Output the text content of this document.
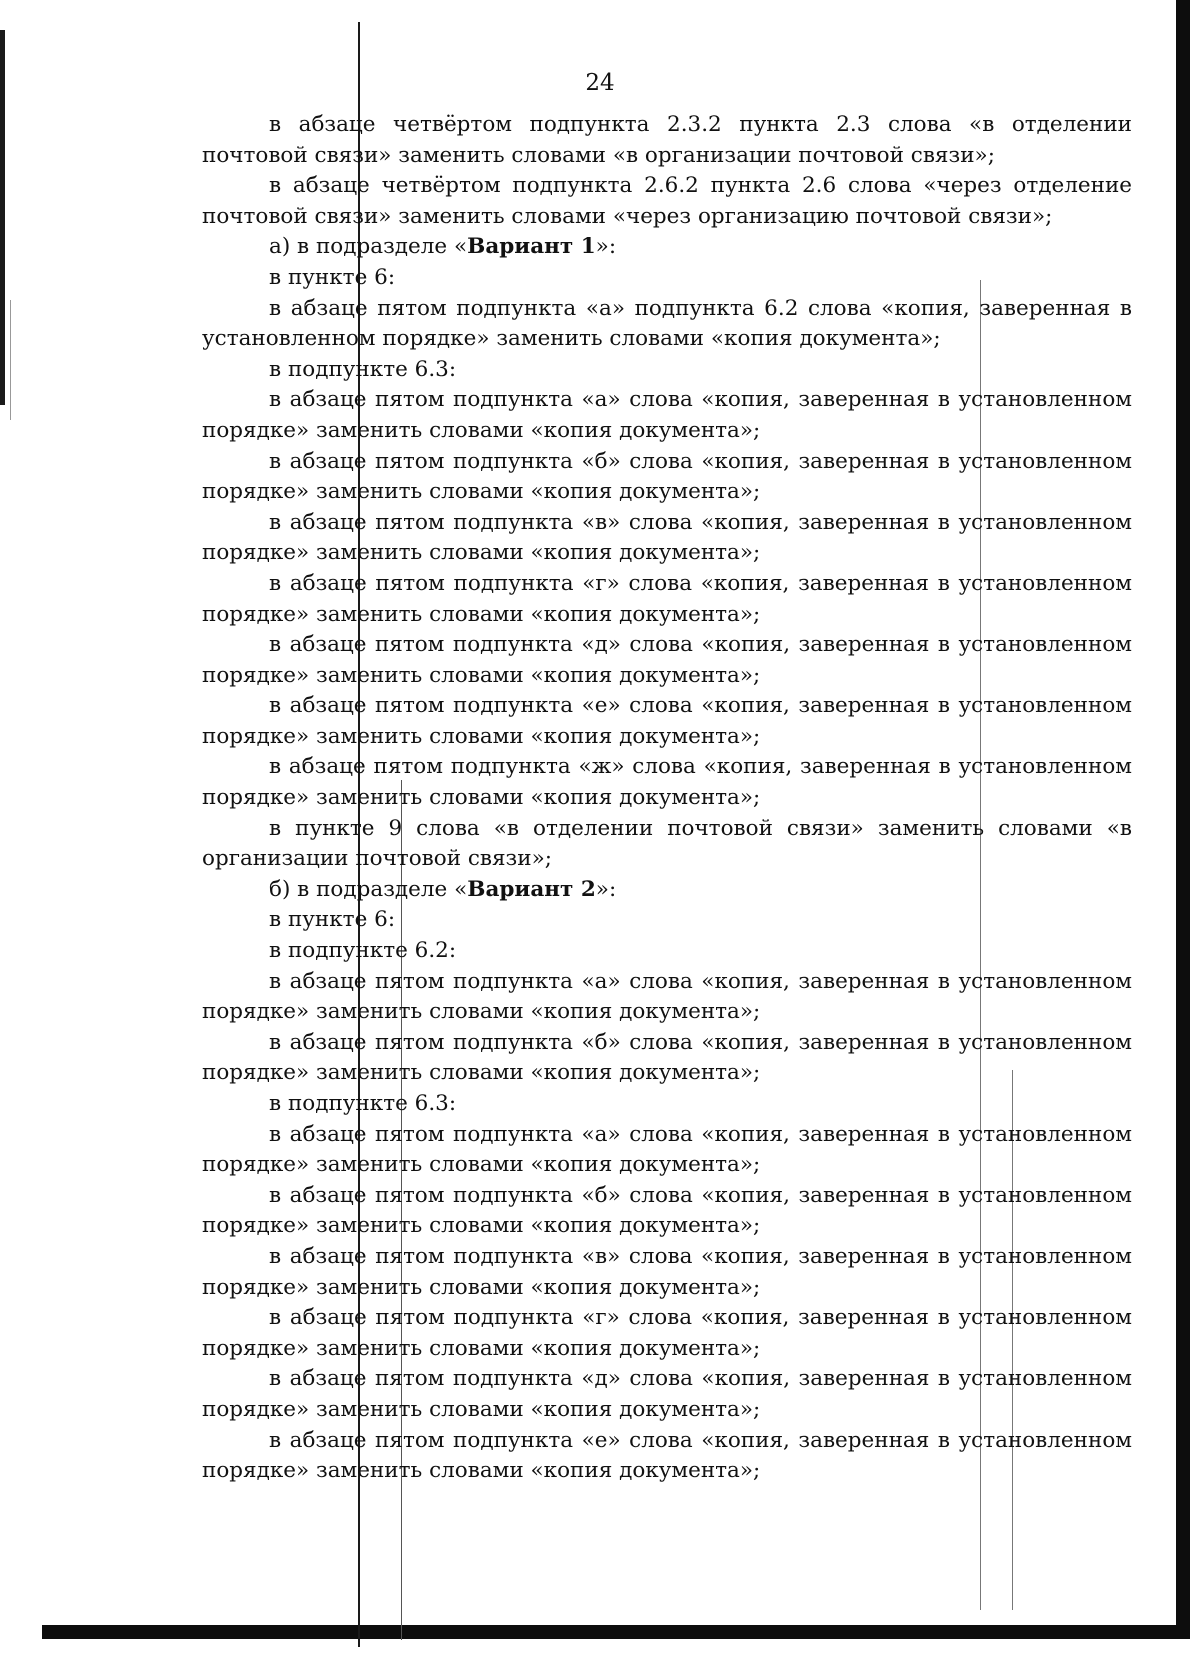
24

в абзаце четвёртом подпункта 2.3.2 пункта 2.3 слова «в отделении почтовой связи» заменить словами «в организации почтовой связи»;

в абзаце четвёртом подпункта 2.6.2 пункта 2.6 слова «через отделение почтовой связи» заменить словами «через организацию почтовой связи»;

а) в подразделе «Вариант 1»:

в пункте 6:

в абзаце пятом подпункта «а» подпункта 6.2 слова «копия, заверенная в установленном порядке» заменить словами «копия документа»;

в подпункте 6.3:

в абзаце пятом подпункта «а» слова «копия, заверенная в установленном порядке» заменить словами «копия документа»;

в абзаце пятом подпункта «б» слова «копия, заверенная в установленном порядке» заменить словами «копия документа»;

в абзаце пятом подпункта «в» слова «копия, заверенная в установленном порядке» заменить словами «копия документа»;

в абзаце пятом подпункта «г» слова «копия, заверенная в установленном порядке» заменить словами «копия документа»;

в абзаце пятом подпункта «д» слова «копия, заверенная в установленном порядке» заменить словами «копия документа»;

в абзаце пятом подпункта «е» слова «копия, заверенная в установленном порядке» заменить словами «копия документа»;

в абзаце пятом подпункта «ж» слова «копия, заверенная в установленном порядке» заменить словами «копия документа»;

в пункте 9 слова «в отделении почтовой связи» заменить словами «в организации почтовой связи»;

б) в подразделе «Вариант 2»:

в пункте 6:

в подпункте 6.2:

в абзаце пятом подпункта «а» слова «копия, заверенная в установленном порядке» заменить словами «копия документа»;

в абзаце пятом подпункта «б» слова «копия, заверенная в установленном порядке» заменить словами «копия документа»;

в подпункте 6.3:

в абзаце пятом подпункта «а» слова «копия, заверенная в установленном порядке» заменить словами «копия документа»;

в абзаце пятом подпункта «б» слова «копия, заверенная в установленном порядке» заменить словами «копия документа»;

в абзаце пятом подпункта «в» слова «копия, заверенная в установленном порядке» заменить словами «копия документа»;

в абзаце пятом подпункта «г» слова «копия, заверенная в установленном порядке» заменить словами «копия документа»;

в абзаце пятом подпункта «д» слова «копия, заверенная в установленном порядке» заменить словами «копия документа»;

в абзаце пятом подпункта «е» слова «копия, заверенная в установленном порядке» заменить словами «копия документа»;
